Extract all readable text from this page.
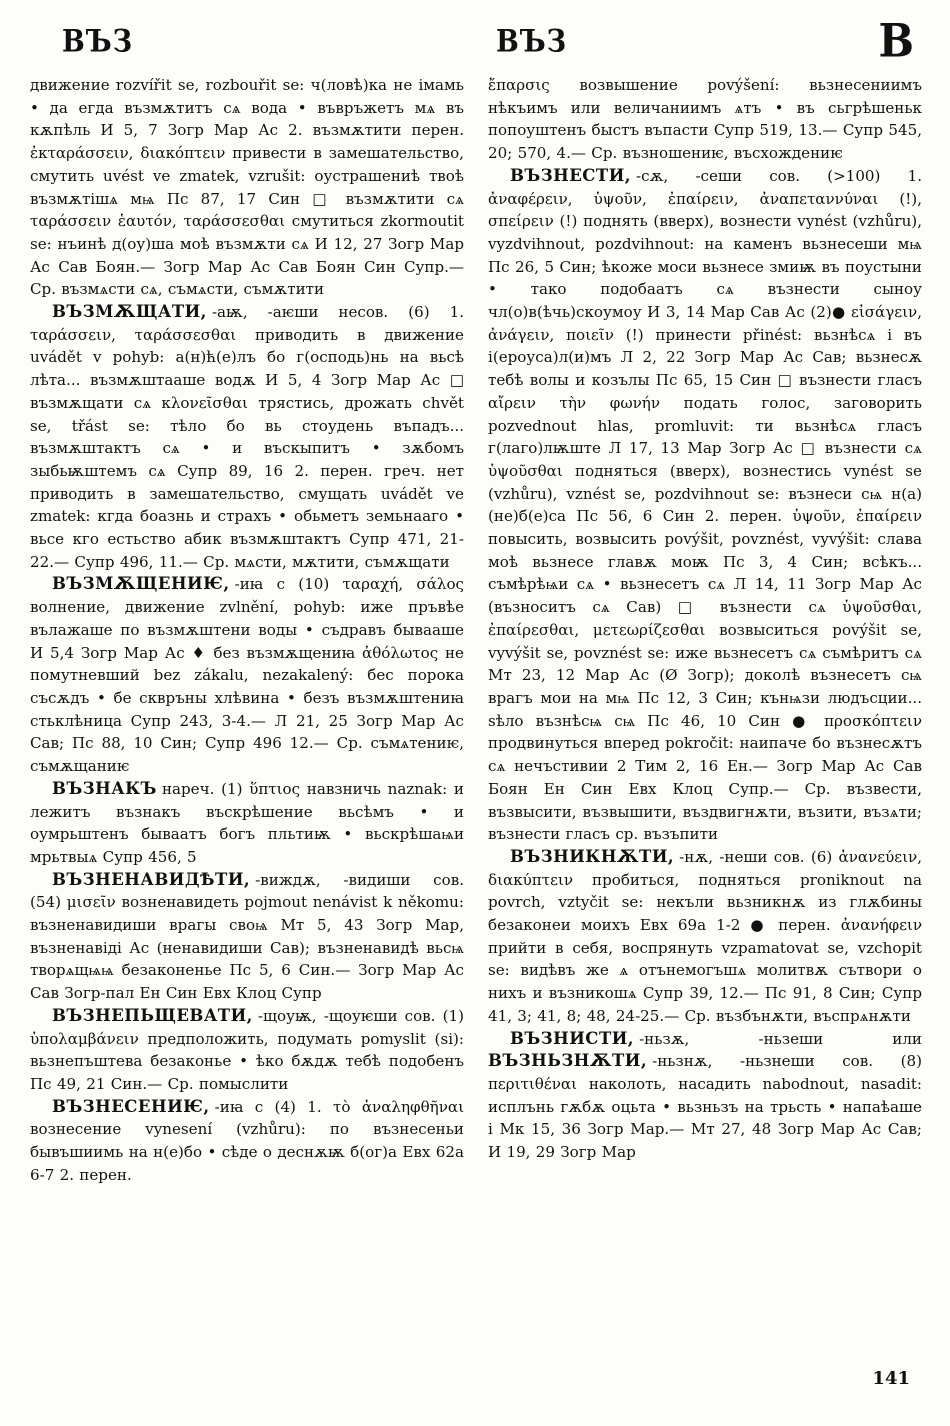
ВЪЗ	ВЪЗ	В

движение rozvířit se, rozbouřit se: ч(ловѣ)ка не імамь • да егда възмѫтитъ сѧ вода • въвръжетъ мѧ въ кѫпѣль И 5, 7 Зогр Мар Ас 2. възмѫтити перен. ἐκταράσσειν, διακόπτειν привести в замешательство, смутить uvést ve zmatek, vzrušit: оустрашениѣ твоѣ възмѫтішѧ мѩ Пс 87, 17 Син □ възмѫтити сѧ ταράσσειν ἑαυτόν, ταράσσεσθαι смутиться zkormoutit se: нъинѣ д(оу)ша моѣ възмѫти сѧ И 12, 27 Зогр Мар Ас Сав Боян.— Зогр Мар Ас Сав Боян Син Супр.— Ср. възмѧсти сѧ, съмѧсти, съмѫтити

ВЪЗМѪЩАТИ, -аѭ, -аѥши несов. (6) 1. ταράσσειν, ταράσσεσθαι приводить в движение uvádět v pohyb: а(н)ћ(е)лъ бо г(осподь)нь на вьсѣ лѣта... възмѫштааше водѫ И 5, 4 Зогр Мар Ас □ възмѫщати сѧ κλονεῖσθαι трястись, дрожать chvět se, třást se: тѣло бо вь стоудень въпадъ... възмѫштактъ сѧ • и въскыпитъ • зѫбомъ зыбьѭштемъ сѧ Супр 89, 16 2. перен. греч. нет приводить в замешательство, смущать uvádět ve zmatek: кгда боазнь и страхъ • обьметъ земьнааго • вьсе кго естьство абик възмѫштактъ Супр 471, 21-22.— Супр 496, 11.— Ср. мѧсти, мѫтити, съмѫщати

ВЪЗМѪЩЕНИѤ, -иꙗ с (10) ταραχή, σάλος волнение, движение zvlnění, pohyb: иже пръвѣе вълажаше по възмѫштени воды • съдравъ бывааше И 5,4 Зогр Мар Ас ♦ без възмѫщениꙗ ἀθόλωτος не помутневший bez zákalu, nezakalený: бес порока съсѫдъ • бе сквръны хлѣвина • безъ възмѫштениꙗ стьклѣница Супр 243, 3-4.— Л 21, 25 Зогр Мар Ас Сав; Пс 88, 10 Син; Супр 496 12.— Ср. съмѧтениѥ, съмѫщаниѥ

ВЪЗНАКЪ нареч. (1) ὕπτιος навзничь naznak: и лежитъ възнакъ въскрѣшение вьсѣмъ • и оумрьштенъ бываатъ богъ пльтиѭ • вьскрѣшаѩи мрьтвыѧ Супр 456, 5

ВЪЗНЕНАВИДѢТИ, -виждѫ, -видиши сов. (54) μισεῖν возненавидеть pojmout nenávist k někomu: възненавидиши врагы своѩ Мт 5, 43 Зогр Мар, възненавіді Ас (ненавидиши Сав); възненавидѣ вьсѩ творѧщѩѩ безаконенье Пс 5, 6 Син.— Зогр Мар Ас Сав Зогр-пал Ен Син Евх Клоц Супр

ВЪЗНЕПЬЩЕВАТИ, -щоуѭ, -щоуѥши сов. (1) ὑπολαμβάνειν предположить, подумать pomyslit (si): вьзнепъштева безаконье • ѣко бѫдѫ тебѣ подобенъ Пс 49, 21 Син.— Ср. помыслити

ВЪЗНЕСЕНИѤ, -иꙗ с (4) 1. τὸ ἀναληφθῆναι вознесение vynesení (vzhůru): по възнесеньи бывъшиимь на н(е)бо • сѣде о деснѫѭ б(ог)а Евх 62а 6-7 2. перен.

ἔπαρσις возвышение povýšení: вьзнесениимъ нѣкъимъ или величаниимъ ѧтъ • въ сьгрѣшеньк попоуштенъ быстъ въпасти Супр 519, 13.— Супр 545, 20; 570, 4.— Ср. възношениѥ, въсхождениѥ

ВЪЗНЕСТИ, -сѫ, -сеши сов. (>100) 1. ἀναφέρειν, ὑψοῦν, ἐπαίρειν, ἀναπεταννύναι (!), σπείρειν (!) поднять (вверх), вознести vynést (vzhůru), vyzdvihnout, pozdvihnout: на каменъ вьзнесеши мѩ Пс 26, 5 Син; ѣкоже моси вьзнесе змиѭ въ поустыни • тако подобаатъ сѧ възнести сыноу чл(о)в(ѣчь)скоумоу И 3, 14 Мар Сав Ас (2)● εἰσάγειν, ἀνάγειν, ποιεῖν (!) принести přinést: вьзнѣсѧ і въ і(ероуса)л(и)мъ Л 2, 22 Зогр Мар Ас Сав; вьзнесѫ тебѣ волы и козълы Пс 65, 15 Син □ възнести гласъ αἴρειν τὴν φωνήν подать голос, заговорить pozvednout hlas, promluvit: ти вьзнѣсѧ гласъ г(лаго)лѭште Л 17, 13 Мар Зогр Ас □ възнести сѧ ὑψοῦσθαι подняться (вверх), вознестись vynést se (vzhůru), vznést se, pozdvihnout se: възнеси сѩ н(а) (не)б(е)са Пс 56, 6 Син 2. перен. ὑψοῦν, ἐπαίρειν повысить, возвысить povýšit, povznést, vyvýšit: слава моѣ вьзнесе главѫ моѭ Пс 3, 4 Син; всѣкъ... съмѣрѣѩи сѧ • вьзнесетъ сѧ Л 14, 11 Зогр Мар Ас (възноситъ сѧ Сав) □ възнести сѧ ὑψοῦσθαι, ἐπαίρεσθαι, μετεωρίζεσθαι возвыситься povýšit se, vyvýšit se, povznést se: иже вьзнесетъ сѧ съмѣритъ сѧ Мт 23, 12 Мар Ас (Ø Зогр); доколѣ възнесетъ сѩ врагъ мои на мѩ Пс 12, 3 Син; кънѩзи людъсции... ѕѣло възнѣсѩ сѩ Пс 46, 10 Син ● προσκόπτειν продвинуться вперед pokročit: наипаче бо възнесѫтъ сѧ нечъстивии 2 Тим 2, 16 Ен.— Зогр Мар Ас Сав Боян Ен Син Евх Клоц Супр.— Ср. възвести, възвысити, възвышити, въздвигнѫти, възити, възѧти; възнести гласъ ср. възъпити

ВЪЗНИКНѪТИ, -нѫ, -неши сов. (6) ἀνανεύειν, διακύπτειν пробиться, подняться proniknout na povrch, vztyčit se: некъли вьзникнѫ из глѫбины безаконеи моихъ Евх 69а 1-2 ● перен. ἀνανήφειν прийти в себя, воспрянуть vzpamatovat se, vzchopit se: видѣвъ же ѧ отънемогъшѧ молитвѫ сътвори о нихъ и възникошѧ Супр 39, 12.— Пс 91, 8 Син; Супр 41, 3; 41, 8; 48, 24-25.— Ср. възбънѫти, въспрѧнѫти

ВЪЗНИСТИ, -ньзѫ, -ньзеши или ВЪЗНЬЗНѪТИ, -ньзнѫ, -ньзнеши сов. (8) περιτιθέναι наколоть, насадить nabodnout, nasadit: исплънь гѫбѫ оцьта • вьзньзъ на трьсть • напаѣаше і Мк 15, 36 Зогр Мар.— Мт 27, 48 Зогр Мар Ас Сав; И 19, 29 Зогр Мар

141
